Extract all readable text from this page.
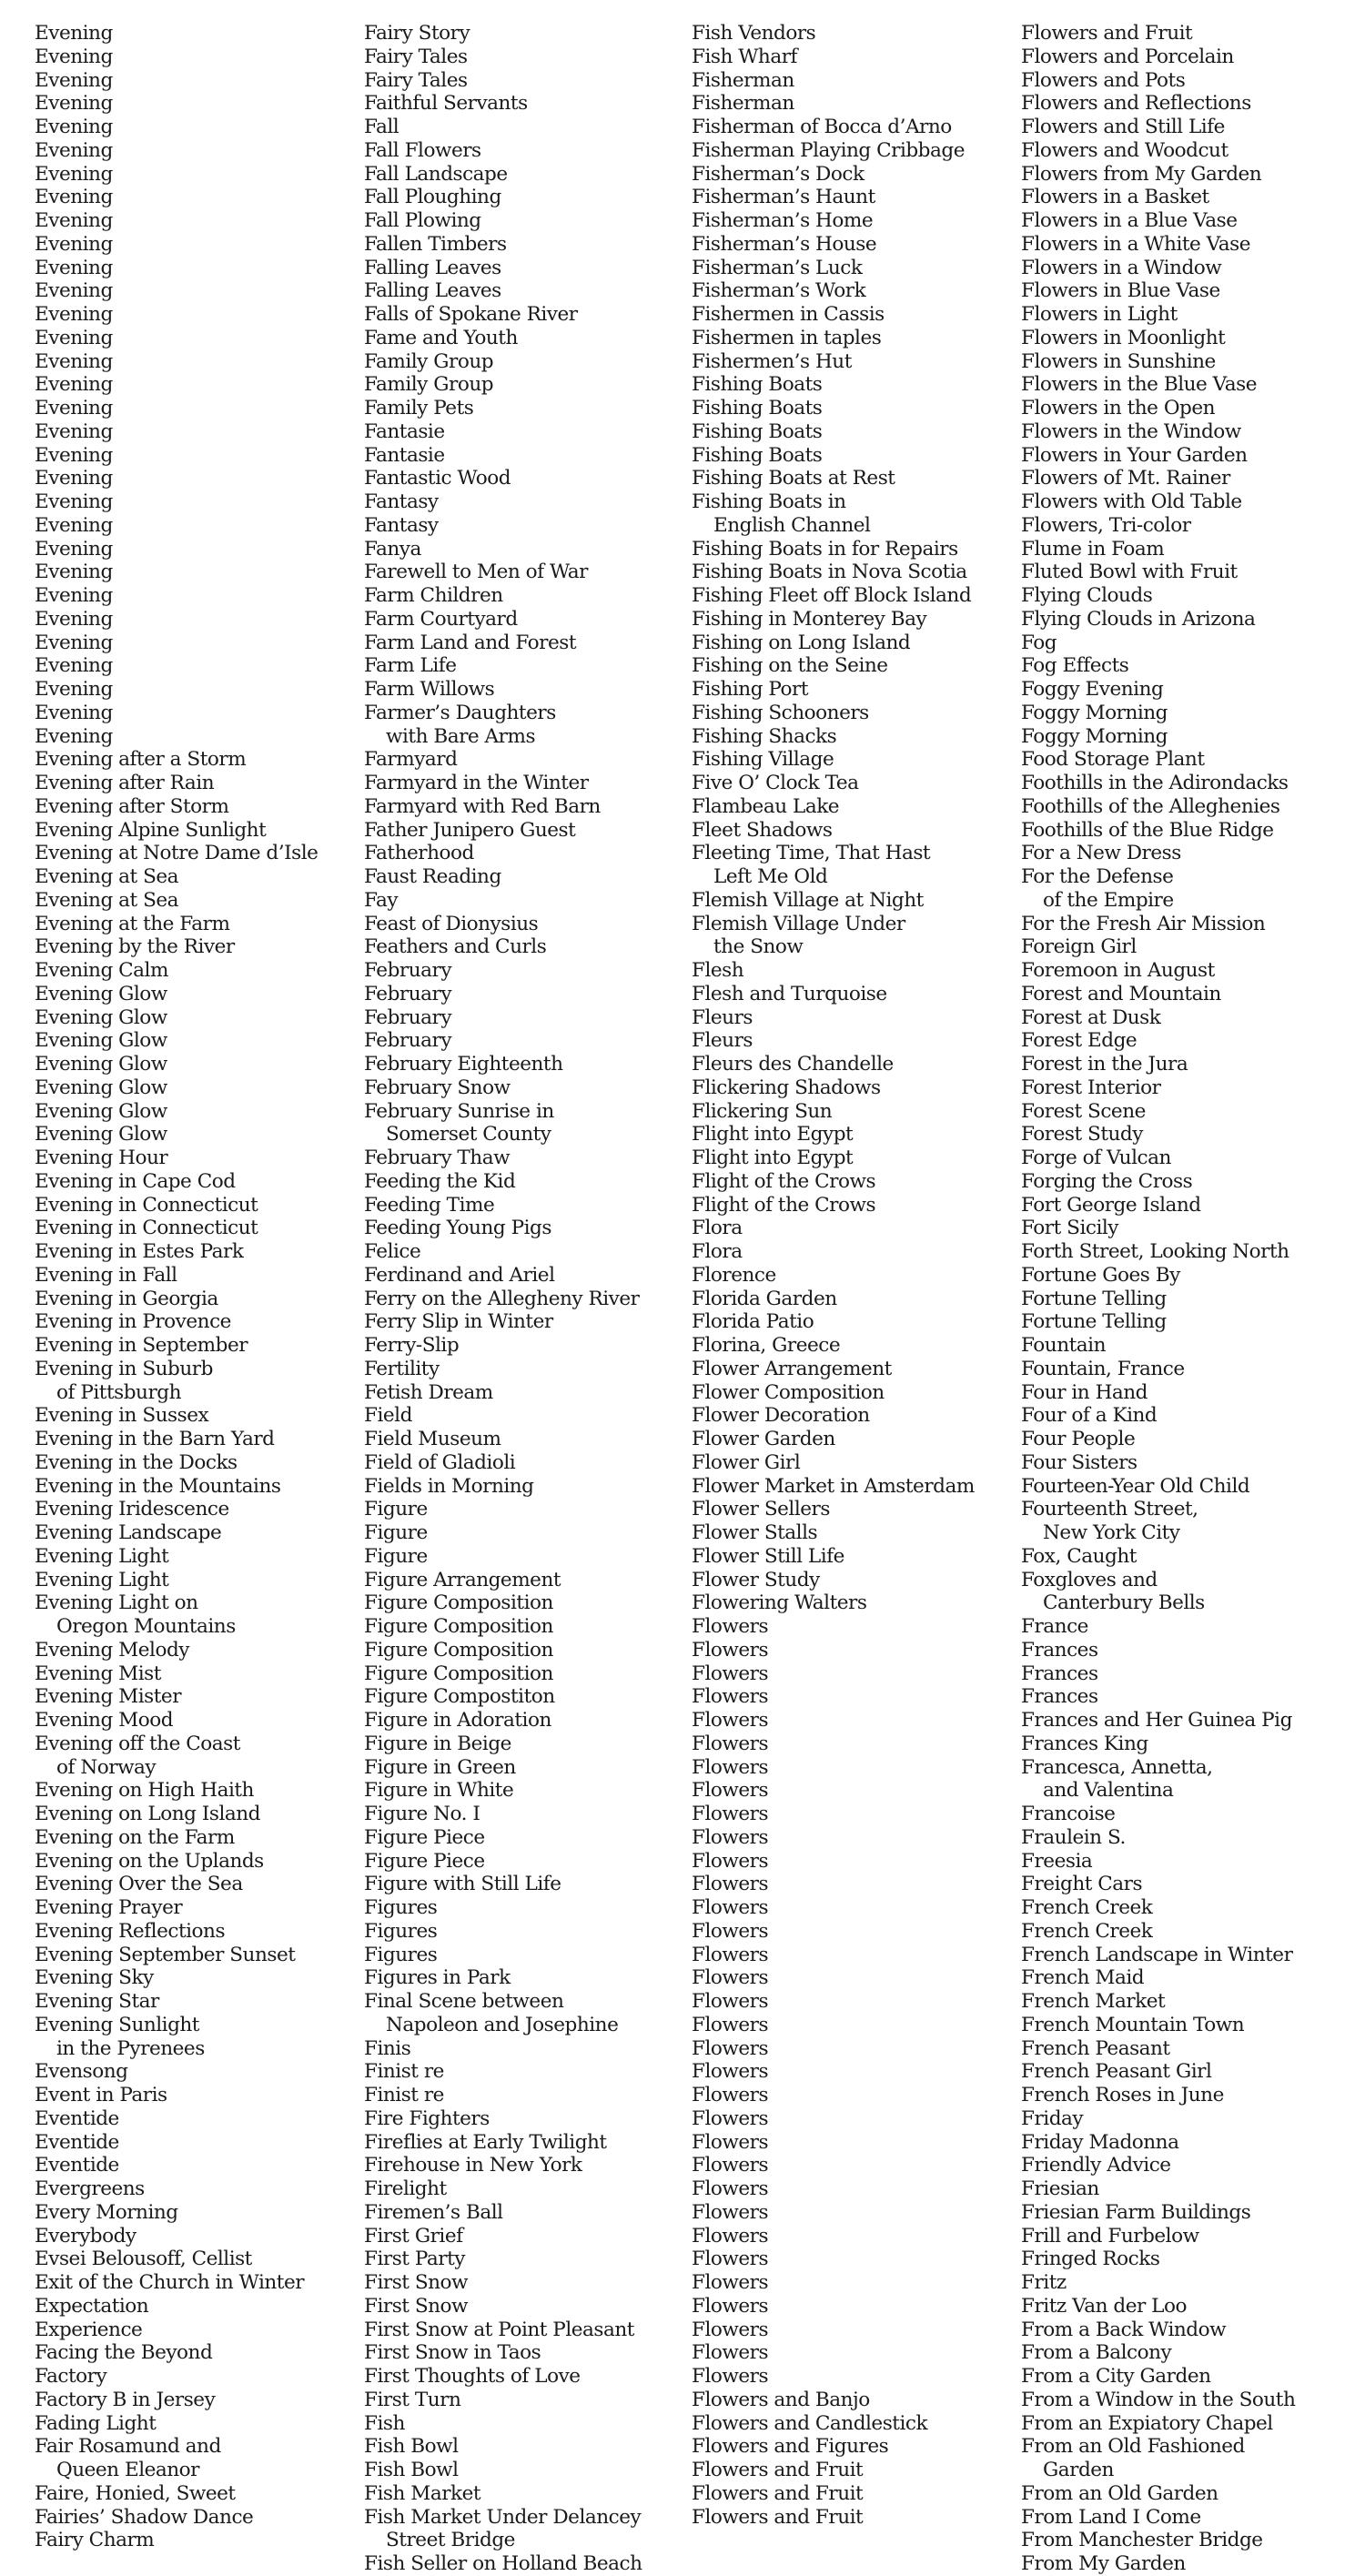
Evening
Evening
Evening
Evening
Evening
Evening
Evening
Evening
Evening
Evening
Evening
Evening
Evening
Evening
Evening
Evening
Evening
Evening
Evening
Evening
Evening
Evening
Evening
Evening
Evening
Evening
Evening
Evening
Evening
Evening
Evening
Evening after a Storm
Evening after Rain
Evening after Storm
Evening Alpine Sunlight
Evening at Notre Dame d’Isle
Evening at Sea
Evening at Sea
Evening at the Farm
Evening by the River
Evening Calm
Evening Glow
Evening Glow
Evening Glow
Evening Glow
Evening Glow
Evening Glow
Evening Glow
Evening Hour
Evening in Cape Cod
Evening in Connecticut
Evening in Connecticut
Evening in Estes Park
Evening in Fall
Evening in Georgia
Evening in Provence
Evening in September
Evening in Suburb
of Pittsburgh
Evening in Sussex
Evening in the Barn Yard
Evening in the Docks
Evening in the Mountains
Evening Iridescence
Evening Landscape
Evening Light
Evening Light
Evening Light on
Oregon Mountains
Evening Melody
Evening Mist
Evening Mister
Evening Mood
Evening off the Coast
of Norway
Evening on High Haith
Evening on Long Island
Evening on the Farm
Evening on the Uplands
Evening Over the Sea
Evening Prayer
Evening Reflections
Evening September Sunset
Evening Sky
Evening Star
Evening Sunlight
in the Pyrenees
Evensong
Event in Paris
Eventide
Eventide
Eventide
Evergreens
Every Morning
Everybody
Evsei Belousoff, Cellist
Exit of the Church in Winter
Expectation
Experience
Facing the Beyond
Factory
Factory B in Jersey
Fading Light
Fair Rosamund and
Queen Eleanor
Faire, Honied, Sweet
Fairies’ Shadow Dance
Fairy Charm
Fairy Story
Fairy Tales
Fairy Tales
Faithful Servants
Fall
Fall Flowers
Fall Landscape
Fall Ploughing
Fall Plowing
Fallen Timbers
Falling Leaves
Falling Leaves
Falls of Spokane River
Fame and Youth
Family Group
Family Group
Family Pets
Fantasie
Fantasie
Fantastic Wood
Fantasy
Fantasy
Fanya
Farewell to Men of War
Farm Children
Farm Courtyard
Farm Land and Forest
Farm Life
Farm Willows
Farmer’s Daughters
with Bare Arms
Farmyard
Farmyard in the Winter
Farmyard with Red Barn
Father Junipero Guest
Fatherhood
Faust Reading
Fay
Feast of Dionysius
Feathers and Curls
February
February
February
February
February Eighteenth
February Snow
February Sunrise in
Somerset County
February Thaw
Feeding the Kid
Feeding Time
Feeding Young Pigs
Felice
Ferdinand and Ariel
Ferry on the Allegheny River
Ferry Slip in Winter
Ferry-Slip
Fertility
Fetish Dream
Field
Field Museum
Field of Gladioli
Fields in Morning
Figure
Figure
Figure
Figure Arrangement
Figure Composition
Figure Composition
Figure Composition
Figure Composition
Figure Compostiton
Figure in Adoration
Figure in Beige
Figure in Green
Figure in White
Figure No. I
Figure Piece
Figure Piece
Figure with Still Life
Figures
Figures
Figures
Figures in Park
Final Scene between
Napoleon and Josephine
Finis
Finist re
Finist re
Fire Fighters
Fireflies at Early Twilight
Firehouse in New York
Firelight
Firemen’s Ball
First Grief
First Party
First Snow
First Snow
First Snow at Point Pleasant
First Snow in Taos
First Thoughts of Love
First Turn
Fish
Fish Bowl
Fish Bowl
Fish Market
Fish Market Under Delancey
Street Bridge
Fish Seller on Holland Beach
Fish Vendors
Fish Wharf
Fisherman
Fisherman
Fisherman of Bocca d’Arno
Fisherman Playing Cribbage
Fisherman’s Dock
Fisherman’s Haunt
Fisherman’s Home
Fisherman’s House
Fisherman’s Luck
Fisherman’s Work
Fishermen in Cassis
Fishermen in taples
Fishermen’s Hut
Fishing Boats
Fishing Boats
Fishing Boats
Fishing Boats
Fishing Boats at Rest
Fishing Boats in
English Channel
Fishing Boats in for Repairs
Fishing Boats in Nova Scotia
Fishing Fleet off Block Island
Fishing in Monterey Bay
Fishing on Long Island
Fishing on the Seine
Fishing Port
Fishing Schooners
Fishing Shacks
Fishing Village
Five O’ Clock Tea
Flambeau Lake
Fleet Shadows
Fleeting Time, That Hast
Left Me Old
Flemish Village at Night
Flemish Village Under
the Snow
Flesh
Flesh and Turquoise
Fleurs
Fleurs
Fleurs des Chandelle
Flickering Shadows
Flickering Sun
Flight into Egypt
Flight into Egypt
Flight of the Crows
Flight of the Crows
Flora
Flora
Florence
Florida Garden
Florida Patio
Florina, Greece
Flower Arrangement
Flower Composition
Flower Decoration
Flower Garden
Flower Girl
Flower Market in Amsterdam
Flower Sellers
Flower Stalls
Flower Still Life
Flower Study
Flowering Walters
Flowers
Flowers
Flowers
Flowers
Flowers
Flowers
Flowers
Flowers
Flowers
Flowers
Flowers
Flowers
Flowers
Flowers
Flowers
Flowers
Flowers
Flowers
Flowers
Flowers
Flowers
Flowers
Flowers
Flowers
Flowers
Flowers
Flowers
Flowers
Flowers
Flowers
Flowers
Flowers
Flowers
Flowers and Banjo
Flowers and Candlestick
Flowers and Figures
Flowers and Fruit
Flowers and Fruit
Flowers and Fruit
Flowers and Fruit
Flowers and Porcelain
Flowers and Pots
Flowers and Reflections
Flowers and Still Life
Flowers and Woodcut
Flowers from My Garden
Flowers in a Basket
Flowers in a Blue Vase
Flowers in a White Vase
Flowers in a Window
Flowers in Blue Vase
Flowers in Light
Flowers in Moonlight
Flowers in Sunshine
Flowers in the Blue Vase
Flowers in the Open
Flowers in the Window
Flowers in Your Garden
Flowers of Mt. Rainer
Flowers with Old Table
Flowers, Tri-color
Flume in Foam
Fluted Bowl with Fruit
Flying Clouds
Flying Clouds in Arizona
Fog
Fog Effects
Foggy Evening
Foggy Morning
Foggy Morning
Food Storage Plant
Foothills in the Adirondacks
Foothills of the Alleghenies
Foothills of the Blue Ridge
For a New Dress
For the Defense
of the Empire
For the Fresh Air Mission
Foreign Girl
Foremoon in August
Forest and Mountain
Forest at Dusk
Forest Edge
Forest in the Jura
Forest Interior
Forest Scene
Forest Study
Forge of Vulcan
Forging the Cross
Fort George Island
Fort Sicily
Forth Street, Looking North
Fortune Goes By
Fortune Telling
Fortune Telling
Fountain
Fountain, France
Four in Hand
Four of a Kind
Four People
Four Sisters
Fourteen-Year Old Child
Fourteenth Street,
New York City
Fox, Caught
Foxgloves and
Canterbury Bells
France
Frances
Frances
Frances
Frances and Her Guinea Pig
Frances King
Francesca, Annetta,
and Valentina
Francoise
Fraulein S.
Freesia
Freight Cars
French Creek
French Creek
French Landscape in Winter
French Maid
French Market
French Mountain Town
French Peasant
French Peasant Girl
French Roses in June
Friday
Friday Madonna
Friendly Advice
Friesian
Friesian Farm Buildings
Frill and Furbelow
Fringed Rocks
Fritz
Fritz Van der Loo
From a Back Window
From a Balcony
From a City Garden
From a Window in the South
From an Expiatory Chapel
From an Old Fashioned
Garden
From an Old Garden
From Land I Come
From Manchester Bridge
From My Garden
